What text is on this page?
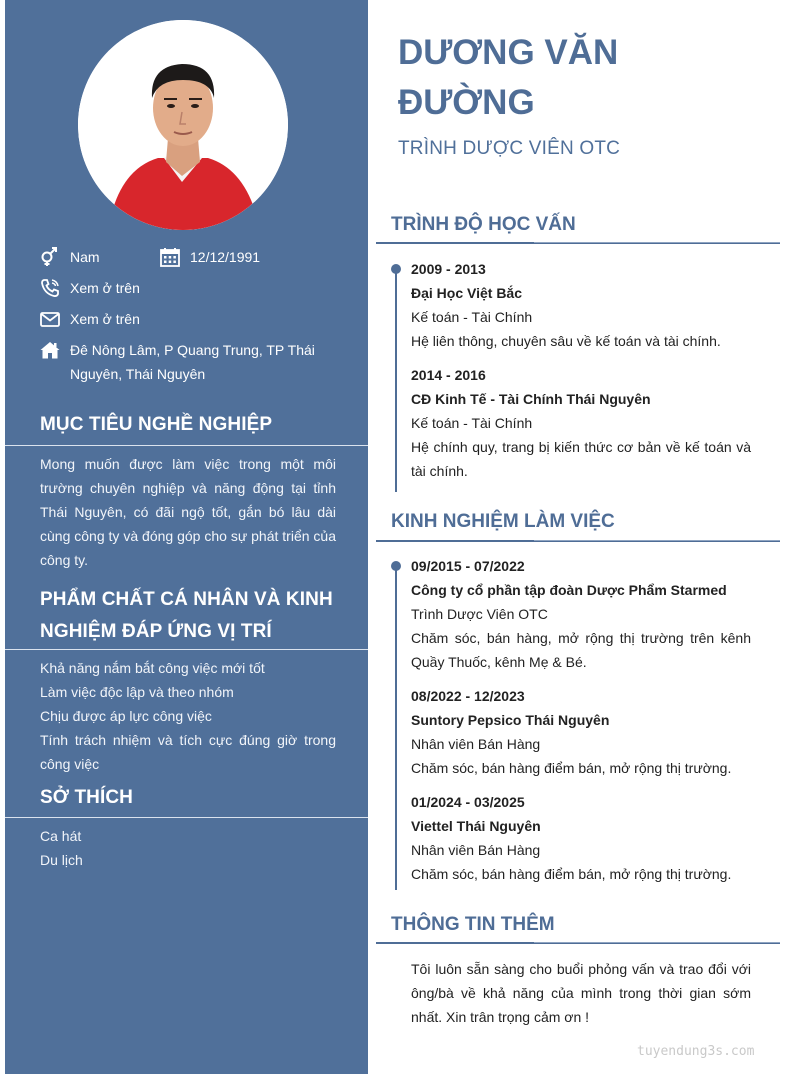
Nam	12/12/1991
Xem ở trên
Xem ở trên
Đê Nông Lâm, P Quang Trung, TP Thái Nguyên, Thái Nguyên
MỤC TIÊU NGHỀ NGHIỆP

Mong muốn được làm việc trong một môi trường chuyên nghiệp và năng động tại tỉnh Thái Nguyên, có đãi ngộ tốt, gắn bó lâu dài cùng công ty và đóng góp cho sự phát triển của công ty.

PHẨM CHẤT CÁ NHÂN VÀ KINH NGHIỆM ĐÁP ỨNG VỊ TRÍ
Khả năng nắm bắt công việc mới tốt
Làm việc độc lập và theo nhóm
Chịu được áp lực công việc
Tính trách nhiệm và tích cực đúng giờ trong công việc
SỞ THÍCH
Ca hát
Du lịch
DƯƠNG VĂN ĐƯỜNG
TRÌNH DƯỢC VIÊN OTC
TRÌNH ĐỘ HỌC VẤN
2009 - 2013
Đại Học Việt Bắc
Kế toán - Tài Chính
Hệ liên thông, chuyên sâu về kế toán và tài chính.
2014 - 2016
CĐ Kinh Tế - Tài Chính Thái Nguyên
Kế toán - Tài Chính
Hệ chính quy, trang bị kiến thức cơ bản về kế toán và tài chính.
KINH NGHIỆM LÀM VIỆC
09/2015 - 07/2022
Công ty cổ phần tập đoàn Dược Phẩm Starmed
Trình Dược Viên OTC
Chăm sóc, bán hàng, mở rộng thị trường trên kênh Quầy Thuốc, kênh Mẹ & Bé.
08/2022 - 12/2023
Suntory Pepsico Thái Nguyên
Nhân viên Bán Hàng
Chăm sóc, bán hàng điểm bán, mở rộng thị trường.
01/2024 - 03/2025
Viettel Thái Nguyên
Nhân viên Bán Hàng
Chăm sóc, bán hàng điểm bán, mở rộng thị trường.
THÔNG TIN THÊM

Tôi luôn sẵn sàng cho buổi phỏng vấn và trao đổi với ông/bà về khả năng của mình trong thời gian sớm nhất. Xin trân trọng cảm ơn !

tuyendung3s.com
